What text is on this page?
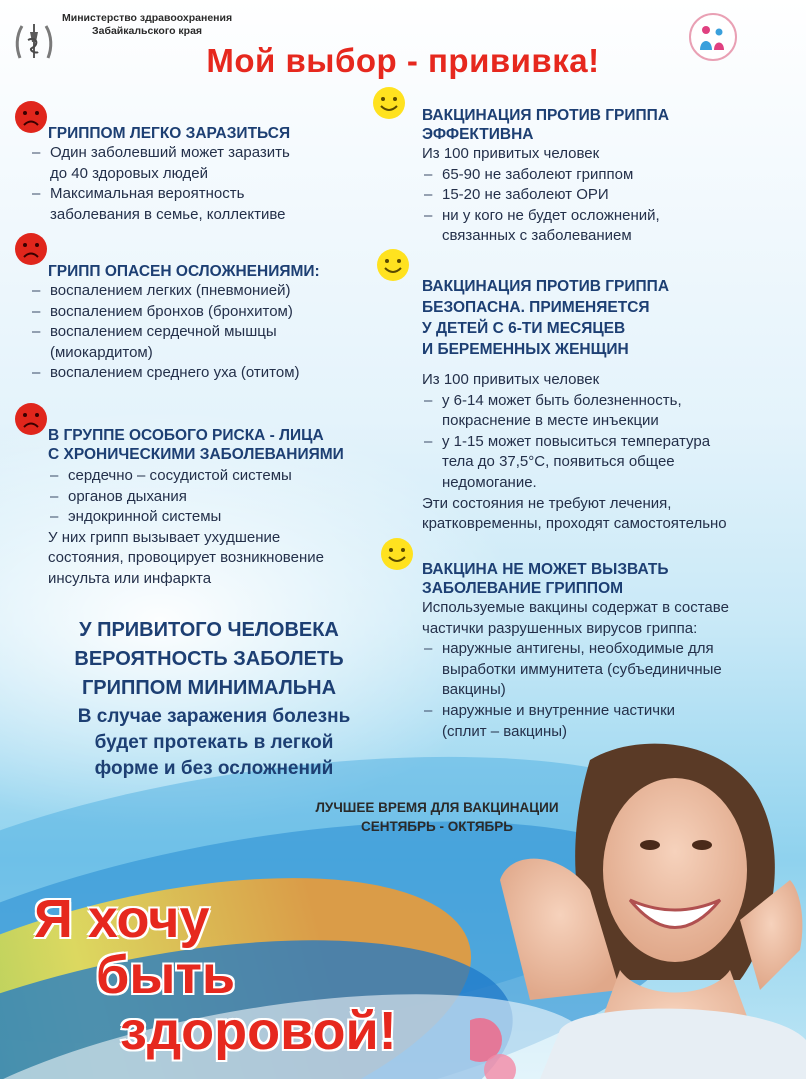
Министерство здравоохранения
Забайкальского края
Мой выбор - прививка!
ГРИППОМ ЛЕГКО ЗАРАЗИТЬСЯ
– Один заболевший может заразить
до 40 здоровых людей
– Максимальная вероятность
заболевания в семье, коллективе
ГРИПП ОПАСЕН ОСЛОЖНЕНИЯМИ:
– воспалением легких (пневмонией)
– воспалением бронхов (бронхитом)
– воспалением сердечной мышцы
(миокардитом)
– воспалением среднего уха (отитом)
В ГРУППЕ ОСОБОГО РИСКА - ЛИЦА
С ХРОНИЧЕСКИМИ ЗАБОЛЕВАНИЯМИ
– сердечно – сосудистой системы
– органов дыхания
– эндокринной системы

У них грипп вызывает ухудшение
состояния, провоцирует возникновение
инсульта или инфаркта

У ПРИВИТОГО ЧЕЛОВЕКА
ВЕРОЯТНОСТЬ ЗАБОЛЕТЬ
ГРИППОМ МИНИМАЛЬНА
В случае заражения болезнь
будет протекать в легкой
форме и без осложнений
ВАКЦИНАЦИЯ ПРОТИВ ГРИППА
ЭФФЕКТИВНА

Из 100 привитых человек

– 65-90 не заболеют гриппом
– 15-20 не заболеют ОРИ
– ни у кого не будет осложнений,
связанных с заболеванием
ВАКЦИНАЦИЯ ПРОТИВ ГРИППА
БЕЗОПАСНА. ПРИМЕНЯЕТСЯ
У ДЕТЕЙ С 6-ТИ МЕСЯЦЕВ
И БЕРЕМЕННЫХ ЖЕНЩИН

Из 100 привитых человек

– у 6-14 может быть болезненность,
покраснение в месте инъекции
– у 1-15 может повыситься температура
тела до 37,5°С, появиться общее
недомогание.

Эти состояния не требуют лечения,
кратковременны, проходят самостоятельно

ВАКЦИНА НЕ МОЖЕТ ВЫЗВАТЬ
ЗАБОЛЕВАНИЕ ГРИППОМ

Используемые вакцины содержат в составе
частички разрушенных вирусов гриппа:

– наружные антигены, необходимые для
выработки иммунитета (субъединичные
вакцины)
– наружные и внутренние частички
(сплит – вакцины)
ЛУЧШЕЕ ВРЕМЯ ДЛЯ ВАКЦИНАЦИИ
СЕНТЯБРЬ - ОКТЯБРЬ
Я хочу
быть
здоровой!
